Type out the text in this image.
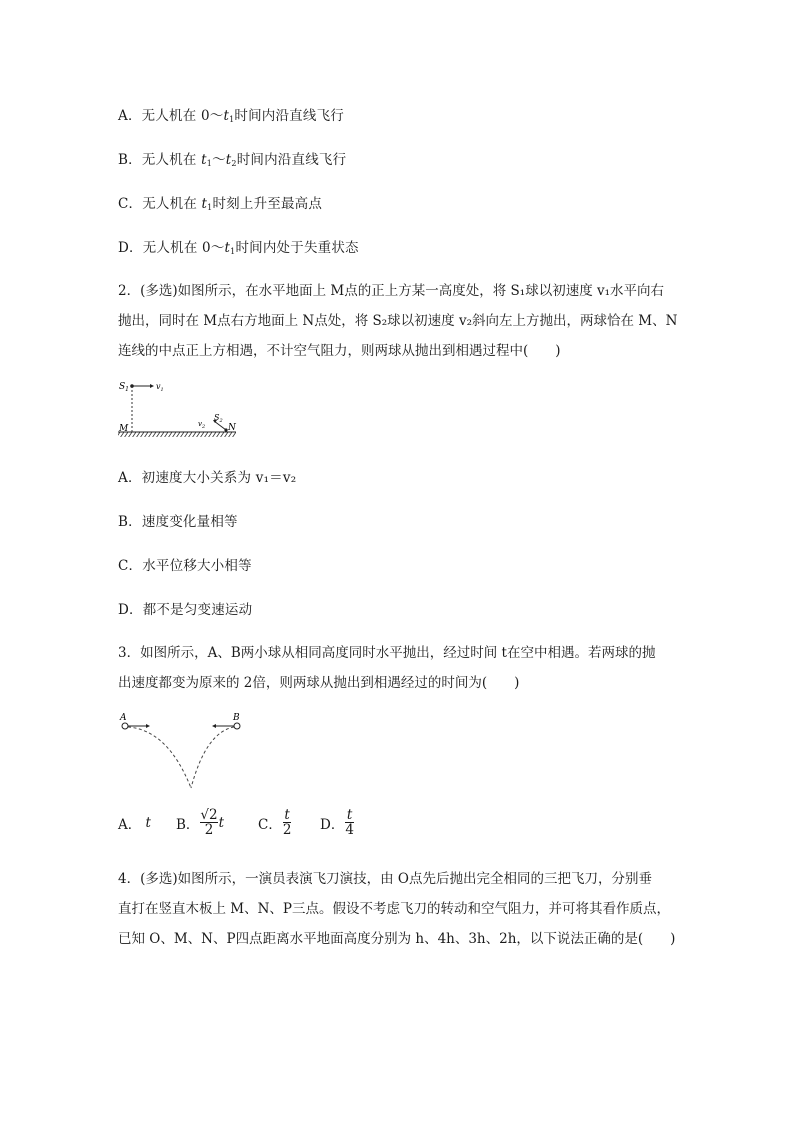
A．无人机在 $0\sim t_1$时间内沿直线飞行
B．无人机在 $t_1\sim t_2$时间内沿直线飞行
C．无人机在 $t_1$时刻上升至最高点
D．无人机在 $0\sim t_1$时间内处于失重状态
2．(多选)如图所示，在水平地面上 M点的正上方某一高度处，将 S₁球以初速度 v₁水平向右
抛出，同时在 M点右方地面上 N点处，将 S₂球以初速度 v₂斜向左上方抛出，两球恰在 M、N
连线的中点正上方相遇，不计空气阻力，则两球从抛出到相遇过程中(　　)
$S_1$	$v_1$
M	N
$S_2$
$v_2$
A．初速度大小关系为 v₁＝v₂
B．速度变化量相等
C．水平位移大小相等
D．都不是匀变速运动
3．如图所示，A、B两小球从相同高度同时水平抛出，经过时间 t在空中相遇。若两球的抛
出速度都变为原来的 2倍，则两球从抛出到相遇经过的时间为(　　)
A	B
A．
t B． $\frac{√2}{2}$ t	C． $\frac{t}{2}$ D． $\frac{t}{4}$
4．(多选)如图所示，一演员表演飞刀演技，由 O点先后抛出完全相同的三把飞刀，分别垂
直打在竖直木板上 M、N、P三点。假设不考虑飞刀的转动和空气阻力，并可将其看作质点，
已知 O、M、N、P四点距离水平地面高度分别为 h、4h、3h、2h，以下说法正确的是(　　)
